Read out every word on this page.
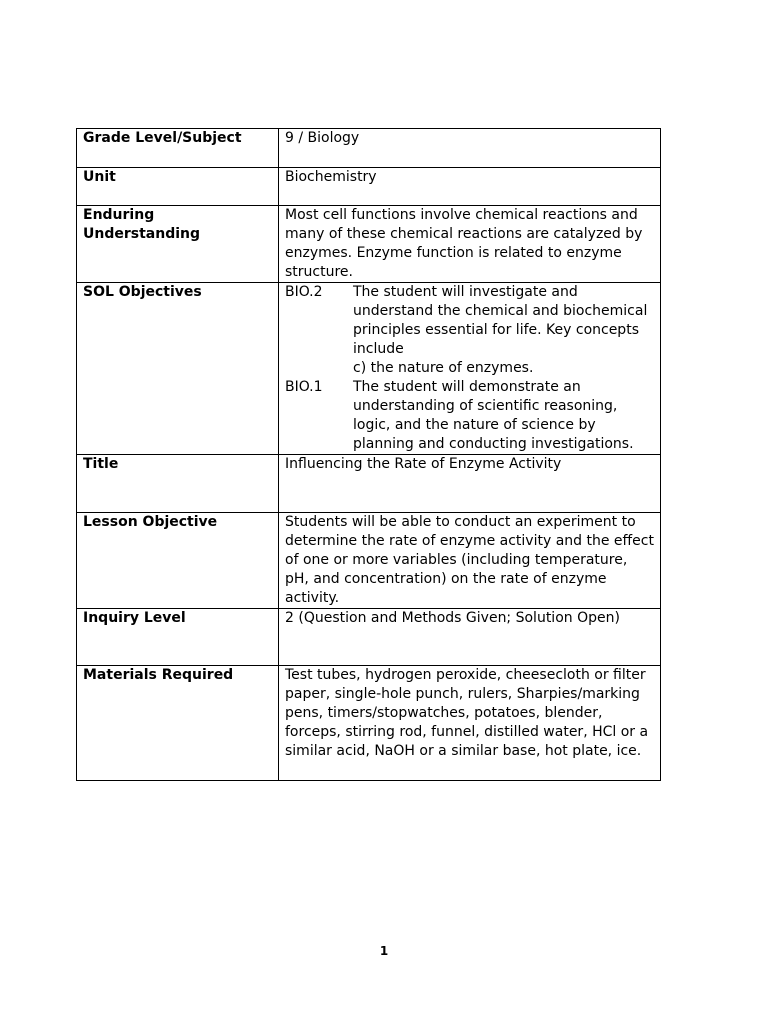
Grade Level/Subject	9 / Biology
Unit	Biochemistry
Enduring Understanding	Most cell functions involve chemical reactions and many of these chemical reactions are catalyzed by enzymes. Enzyme function is related to enzyme structure.
SOL Objectives	BIO.2 The student will investigate and understand the chemical and biochemical principles essential for life. Key concepts include
c) the nature of enzymes.
BIO.1 The student will demonstrate an understanding of scientific reasoning, logic, and the nature of science by planning and conducting investigations.

Title	Influencing the Rate of Enzyme Activity
Lesson Objective	Students will be able to conduct an experiment to determine the rate of enzyme activity and the effect of one or more variables (including temperature, pH, and concentration) on the rate of enzyme activity.
Inquiry Level	2 (Question and Methods Given; Solution Open)
Materials Required	Test tubes, hydrogen peroxide, cheesecloth or filter paper, single-hole punch, rulers, Sharpies/marking pens, timers/stopwatches, potatoes, blender, forceps, stirring rod, funnel, distilled water, HCl or a similar acid, NaOH or a similar base, hot plate, ice.
1
